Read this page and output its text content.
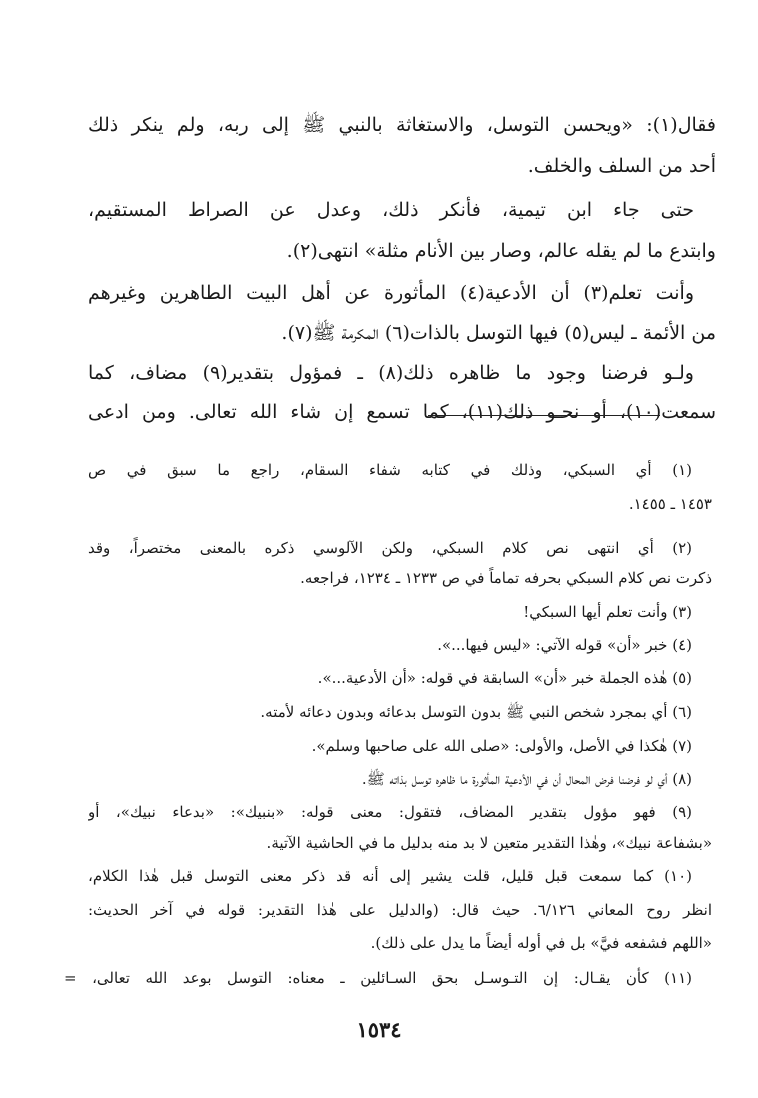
فقال(١): «ويحسن التوسل، والاستغاثة بالنبي ﷺ إلى ربه، ولم ينكر ذلك
أحد من السلف والخلف.
حتى جاء ابن تيمية، فأنكر ذلك، وعدل عن الصراط المستقيم،
وابتدع ما لم يقله عالم، وصار بين الأنام مثلة» انتهى(٢).
وأنت تعلم(٣) أن الأدعية(٤) المأثورة عن أهل البيت الطاهرين وغيرهم
من الأئمة ـ ليس(٥) فيها التوسل بالذات(٦) المكرمة ﷺ(٧).
ولـو فرضنا وجود ما ظاهره ذلك(٨) ـ فمؤول بتقدير(٩) مضاف، كما
سمعت(١٠)، أو نحـو ذلك(١١)، كما تسمع إن شاء الله تعالى. ومن ادعى
(١) أي السبكي، وذلك في كتابه شفاء السقام، راجع ما سبق في ص
١٤٥٣ ـ ١٤٥٥.
(٢) أي انتهى نص كلام السبكي، ولكن الآلوسي ذكره بالمعنى مختصراً، وقد
ذكرت نص كلام السبكي بحرفه تماماً في ص ١٢٣٣ ـ ١٢٣٤، فراجعه.
(٣) وأنت تعلم أيها السبكي!
(٤) خبر «أن» قوله الآتي: «ليس فيها...».
(٥) هٰذه الجملة خبر «أن» السابقة في قوله: «أن الأدعية...».
(٦) أي بمجرد شخص النبي ﷺ بدون التوسل بدعائه وبدون دعائه لأمته.
(٧) هٰكذا في الأصل، والأولى: «صلى الله على صاحبها وسلم».
(٨) أي لو فرضنا فرض المحال أن في الأدعية المأثورة ما ظاهره توسل بذاته ﷺ.
(٩) فهو مؤول بتقدير المضاف، فتقول: معنى قوله: «بنبيك»: «بدعاء نبيك»، أو
«بشفاعة نبيك»، وهٰذا التقدير متعين لا بد منه بدليل ما في الحاشية الآتية.
(١٠) كما سمعت قبل قليل، قلت يشير إلى أنه قد ذكر معنى التوسل قبل هٰذا الكلام،
انظر روح المعاني ٦/١٢٦. حيث قال: (والدليل على هٰذا التقدير: قوله في آخر الحديث:
«اللهم فشفعه فيَّ» بل في أوله أيضاً ما يدل على ذلك).
(١١) كأن يقـال: إن التـوسـل بحق السـائلين ـ معناه: التوسل بوعد الله تعالى، =
١٥٣٤
